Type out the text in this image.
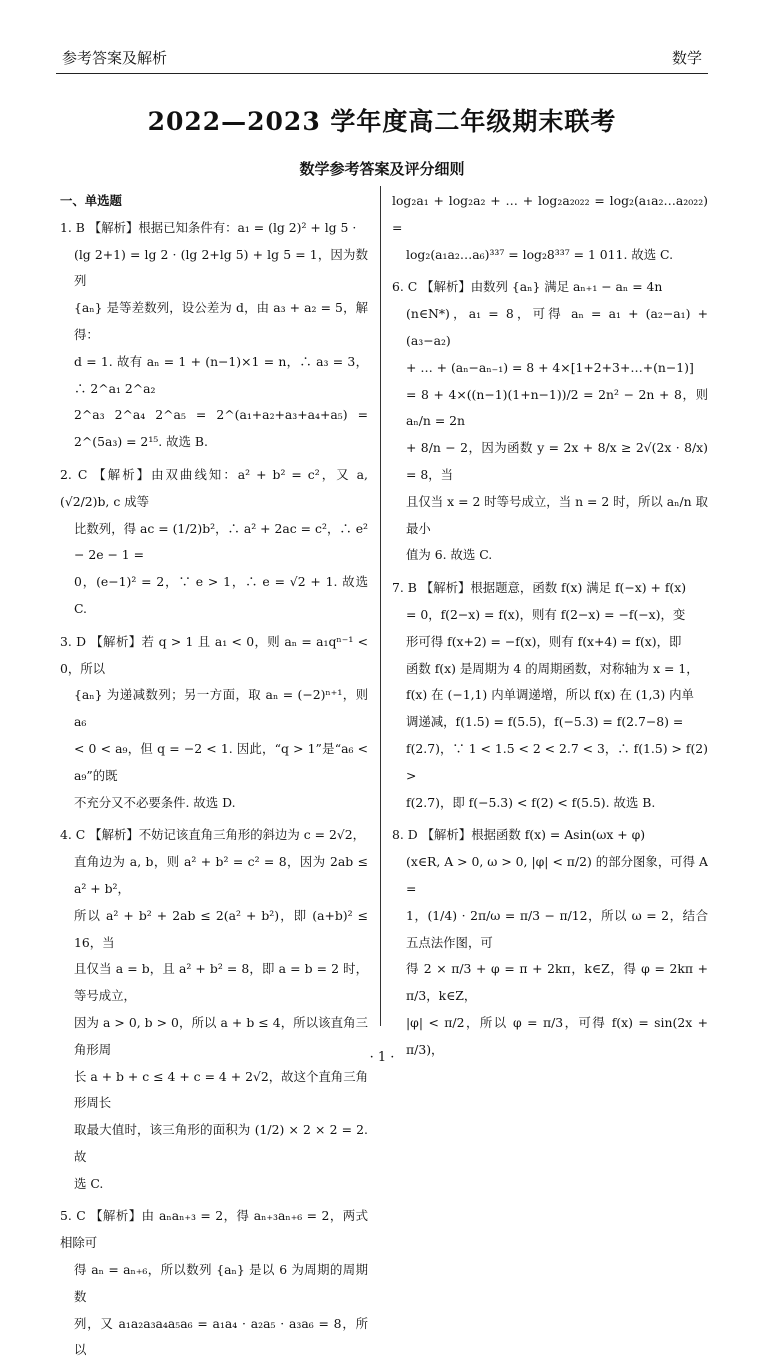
参考答案及解析	数学
2022—2023 学年度高二年级期末联考
数学参考答案及评分细则
一、单选题

1. B 【解析】根据已知条件有：a₁ = (lg 2)² + lg 5 ·

(lg 2+1) = lg 2 · (lg 2+lg 5) + lg 5 = 1，因为数列

{aₙ} 是等差数列，设公差为 d，由 a₃ + a₂ = 5，解得：

d = 1. 故有 aₙ = 1 + (n−1)×1 = n，∴ a₃ = 3，∴ 2^a₁ 2^a₂

2^a₃ 2^a₄ 2^a₅ = 2^(a₁+a₂+a₃+a₄+a₅) = 2^(5a₃) = 2¹⁵. 故选 B.

2. C 【解析】由双曲线知：a² + b² = c²，又 a, (√2/2)b, c 成等

比数列，得 ac = (1/2)b²，∴ a² + 2ac = c²，∴ e² − 2e − 1 =

0，(e−1)² = 2，∵ e > 1，∴ e = √2 + 1. 故选 C.

3. D 【解析】若 q > 1 且 a₁ < 0，则 aₙ = a₁qⁿ⁻¹ < 0，所以

{aₙ} 为递减数列；另一方面，取 aₙ = (−2)ⁿ⁺¹，则 a₆

< 0 < a₉，但 q = −2 < 1. 因此，“q > 1”是“a₆ < a₉”的既

不充分又不必要条件. 故选 D.

4. C 【解析】不妨记该直角三角形的斜边为 c = 2√2，

直角边为 a, b，则 a² + b² = c² = 8，因为 2ab ≤ a² + b²，

所以 a² + b² + 2ab ≤ 2(a² + b²)，即 (a+b)² ≤ 16，当

且仅当 a = b，且 a² + b² = 8，即 a = b = 2 时，等号成立，

因为 a > 0, b > 0，所以 a + b ≤ 4，所以该直角三角形周

长 a + b + c ≤ 4 + c = 4 + 2√2，故这个直角三角形周长

取最大值时，该三角形的面积为 (1/2) × 2 × 2 = 2. 故

选 C.

5. C 【解析】由 aₙaₙ₊₃ = 2，得 aₙ₊₃aₙ₊₆ = 2，两式相除可

得 aₙ = aₙ₊₆，所以数列 {aₙ} 是以 6 为周期的周期数

列，又 a₁a₂a₃a₄a₅a₆ = a₁a₄ · a₂a₅ · a₃a₆ = 8，所以

log₂a₁ + log₂a₂ + … + log₂a₂₀₂₂ = log₂(a₁a₂…a₂₀₂₂) =

log₂(a₁a₂…a₆)³³⁷ = log₂8³³⁷ = 1 011. 故选 C.

6. C 【解析】由数列 {aₙ} 满足 aₙ₊₁ − aₙ = 4n

(n∈N*)，a₁ = 8，可得 aₙ = a₁ + (a₂−a₁) + (a₃−a₂)

+ … + (aₙ−aₙ₋₁) = 8 + 4×[1+2+3+…+(n−1)]

= 8 + 4×((n−1)(1+n−1))/2 = 2n² − 2n + 8，则 aₙ/n = 2n

+ 8/n − 2，因为函数 y = 2x + 8/x ≥ 2√(2x · 8/x) = 8，当

且仅当 x = 2 时等号成立，当 n = 2 时，所以 aₙ/n 取最小

值为 6. 故选 C.

7. B 【解析】根据题意，函数 f(x) 满足 f(−x) + f(x)

= 0，f(2−x) = f(x)，则有 f(2−x) = −f(−x)，变

形可得 f(x+2) = −f(x)，则有 f(x+4) = f(x)，即

函数 f(x) 是周期为 4 的周期函数，对称轴为 x = 1，

f(x) 在 (−1,1) 内单调递增，所以 f(x) 在 (1,3) 内单

调递减，f(1.5) = f(5.5)，f(−5.3) = f(2.7−8) =

f(2.7)，∵ 1 < 1.5 < 2 < 2.7 < 3，∴ f(1.5) > f(2) >

f(2.7)，即 f(−5.3) < f(2) < f(5.5). 故选 B.

8. D 【解析】根据函数 f(x) = Asin(ωx + φ)

(x∈R, A > 0, ω > 0, |φ| < π/2) 的部分图象，可得 A =

1，(1/4) · 2π/ω = π/3 − π/12，所以 ω = 2，结合五点法作图，可

得 2 × π/3 + φ = π + 2kπ，k∈Z，得 φ = 2kπ + π/3，k∈Z，

|φ| < π/2，所以 φ = π/3，可得 f(x) = sin(2x + π/3)，

· 1 ·
